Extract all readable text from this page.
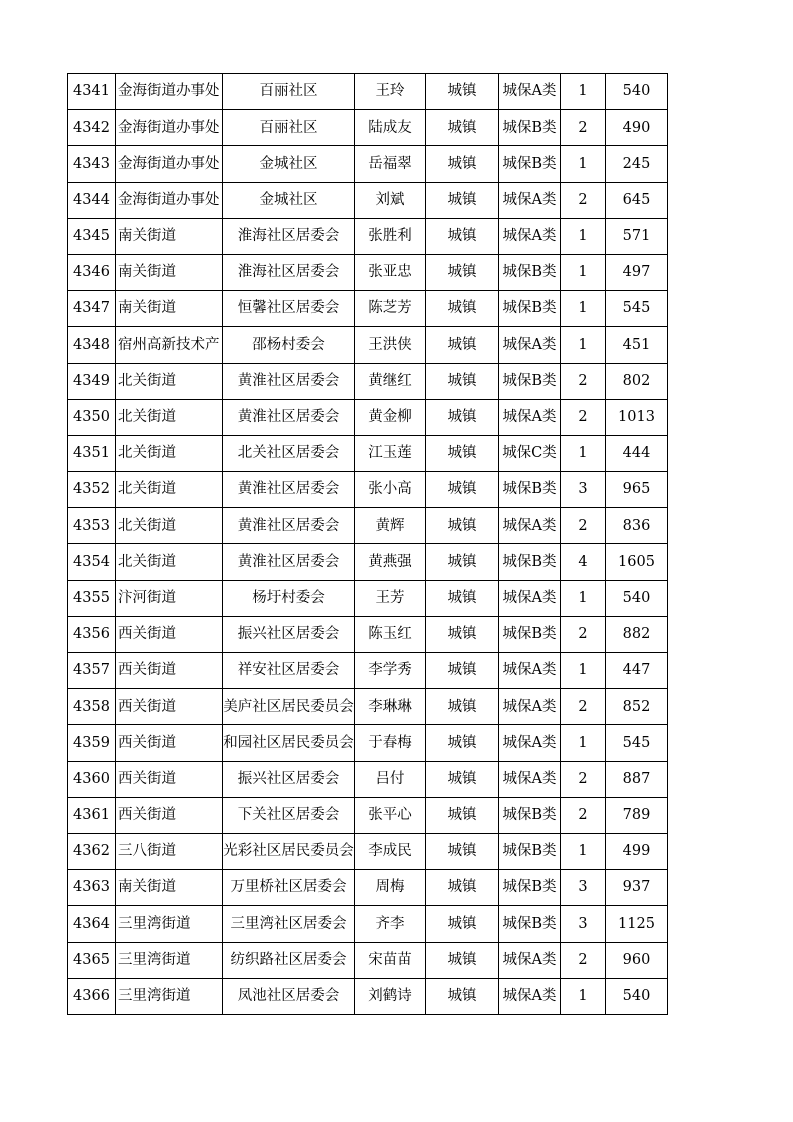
4341	金海街道办事处	百丽社区	王玲	城镇	城保A类	1	540
4342	金海街道办事处	百丽社区	陆成友	城镇	城保B类	2	490
4343	金海街道办事处	金城社区	岳福翠	城镇	城保B类	1	245
4344	金海街道办事处	金城社区	刘斌	城镇	城保A类	2	645
4345	南关街道	淮海社区居委会	张胜利	城镇	城保A类	1	571
4346	南关街道	淮海社区居委会	张亚忠	城镇	城保B类	1	497
4347	南关街道	恒馨社区居委会	陈芝芳	城镇	城保B类	1	545
4348	宿州高新技术产	邵杨村委会	王洪侠	城镇	城保A类	1	451
4349	北关街道	黄淮社区居委会	黄继红	城镇	城保B类	2	802
4350	北关街道	黄淮社区居委会	黄金柳	城镇	城保A类	2	1013
4351	北关街道	北关社区居委会	江玉莲	城镇	城保C类	1	444
4352	北关街道	黄淮社区居委会	张小高	城镇	城保B类	3	965
4353	北关街道	黄淮社区居委会	黄辉	城镇	城保A类	2	836
4354	北关街道	黄淮社区居委会	黄燕强	城镇	城保B类	4	1605
4355	汴河街道	杨圩村委会	王芳	城镇	城保A类	1	540
4356	西关街道	振兴社区居委会	陈玉红	城镇	城保B类	2	882
4357	西关街道	祥安社区居委会	李学秀	城镇	城保A类	1	447
4358	西关街道	美庐社区居民委员会	李琳琳	城镇	城保A类	2	852
4359	西关街道	和园社区居民委员会	于春梅	城镇	城保A类	1	545
4360	西关街道	振兴社区居委会	吕付	城镇	城保A类	2	887
4361	西关街道	下关社区居委会	张平心	城镇	城保B类	2	789
4362	三八街道	光彩社区居民委员会	李成民	城镇	城保B类	1	499
4363	南关街道	万里桥社区居委会	周梅	城镇	城保B类	3	937
4364	三里湾街道	三里湾社区居委会	齐李	城镇	城保B类	3	1125
4365	三里湾街道	纺织路社区居委会	宋苗苗	城镇	城保A类	2	960
4366	三里湾街道	凤池社区居委会	刘鹤诗	城镇	城保A类	1	540
